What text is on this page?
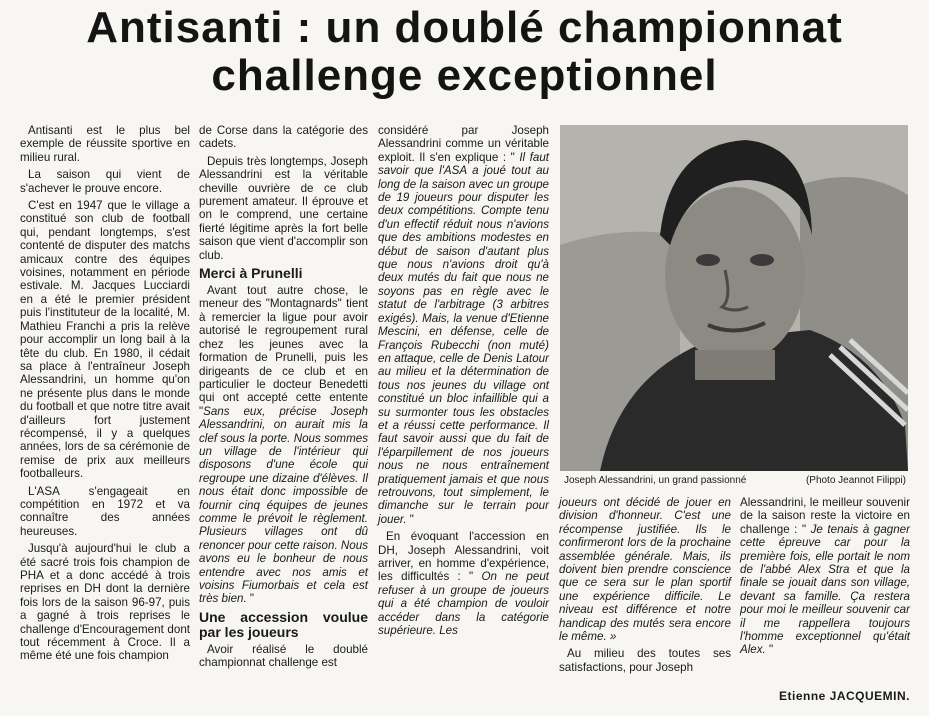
Antisanti : un doublé championnat
challenge exceptionnel

Antisanti est le plus bel exemple de réussite sportive en milieu rural.

La saison qui vient de s'achever le prouve encore.

C'est en 1947 que le village a constitué son club de football qui, pendant longtemps, s'est contenté de disputer des matchs amicaux contre des équipes voisines, notamment en période estivale. M. Jacques Lucciardi en a été le premier président puis l'instituteur de la localité, M. Mathieu Franchi a pris la relève pour accomplir un long bail à la tête du club. En 1980, il cédait sa place à l'entraîneur Joseph Alessandrini, un homme qu'on ne présente plus dans le monde du football et que notre titre avait d'ailleurs fort justement récompensé, il y a quelques années, lors de sa cérémonie de remise de prix aux meilleurs footballeurs.

L'ASA s'engageait en compétition en 1972 et va connaître des années heureuses.

Jusqu'à aujourd'hui le club a été sacré trois fois champion de PHA et a donc accédé à trois reprises en DH dont la dernière fois lors de la saison 96-97, puis a gagné à trois reprises le challenge d'Encouragement dont tout récemment à Croce. Il a même été une fois champion

de Corse dans la catégorie des cadets.

Depuis très longtemps, Joseph Alessandrini est la véritable cheville ouvrière de ce club purement amateur. Il éprouve et on le comprend, une certaine fierté légitime après la fort belle saison que vient d'accomplir son club.

Merci à Prunelli

Avant tout autre chose, le meneur des "Montagnards" tient à remercier la ligue pour avoir autorisé le regroupement rural chez les jeunes avec la formation de Prunelli, puis les dirigeants de ce club et en particulier le docteur Benedetti qui ont accepté cette entente "Sans eux, précise Joseph Alessandrini, on aurait mis la clef sous la porte. Nous sommes un village de l'intérieur qui disposons d'une école qui regroupe une dizaine d'élèves. Il nous était donc impossible de fournir cinq équipes de jeunes comme le prévoit le règlement. Plusieurs villages ont dû renoncer pour cette raison. Nous avons eu le bonheur de nous entendre avec nos amis et voisins Fiumorbais et cela est très bien. "

Une accession voulue par les joueurs

Avoir réalisé le doublé championnat challenge est

considéré par Joseph Alessandrini comme un véritable exploit. Il s'en explique : " Il faut savoir que l'ASA a joué tout au long de la saison avec un groupe de 19 joueurs pour disputer les deux compétitions. Compte tenu d'un effectif réduit nous n'avions que des ambitions modestes en début de saison d'autant plus que nous n'avions droit qu'à deux mutés du fait que nous ne soyons pas en règle avec le statut de l'arbitrage (3 arbitres exigés). Mais, la venue d'Etienne Mescini, en défense, celle de François Rubecchi (non muté) en attaque, celle de Denis Latour au milieu et la détermination de tous nos jeunes du village ont constitué un bloc infaillible qui a su surmonter tous les obstacles et a réussi cette performance. Il faut savoir aussi que du fait de l'éparpillement de nos joueurs nous ne nous entraînement pratiquement jamais et que nous retrouvons, tout simplement, le dimanche sur le terrain pour jouer. "

En évoquant l'accession en DH, Joseph Alessandrini, voit arriver, en homme d'expérience, les difficultés : " On ne peut refuser à un groupe de joueurs qui a été champion de vouloir accéder dans la catégorie supérieure. Les

Joseph Alessandrini, un grand passionné	(Photo Jeannot Filippi)

joueurs ont décidé de jouer en division d'honneur. C'est une récompense justifiée. Ils le confirmeront lors de la prochaine assemblée générale. Mais, ils doivent bien prendre conscience que ce sera sur le plan sportif une expérience difficile. Le niveau est différence et notre handicap des mutés sera encore le même. »

Au milieu des toutes ses satisfactions, pour Joseph

Alessandrini, le meilleur souvenir de la saison reste la victoire en challenge : " Je tenais à gagner cette épreuve car pour la première fois, elle portait le nom de l'abbé Alex Stra et que la finale se jouait dans son village, devant sa famille. Ça restera pour moi le meilleur souvenir car il me rappellera toujours l'homme exceptionnel qu'était Alex. "

Etienne JACQUEMIN.
